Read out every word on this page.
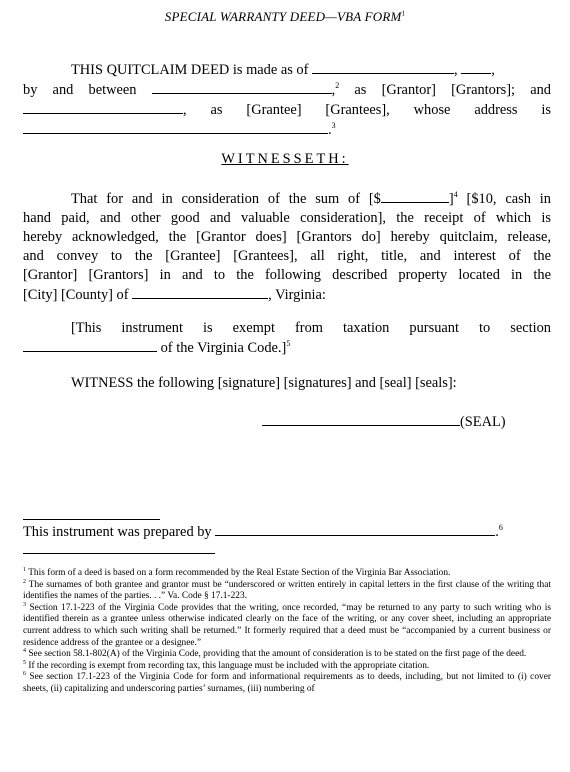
SPECIAL WARRANTY DEED—VBA FORM$^1$
THIS QUITCLAIM DEED is made as of	, ,
by and between	,$^2$ as [Grantor] [Grantors]; and
, as [Grantee] [Grantees], whose address is
.$^3$
WITNESSETH:
That for and in consideration of the sum of [$	]$^4$ [$10, cash in
hand paid, and other good and valuable consideration], the receipt of which is
hereby acknowledged, the [Grantor does] [Grantors do] hereby quitclaim, release,
and convey to the [Grantee] [Grantees], all right, title, and interest of the
[Grantor] [Grantors] in and to the following described property located in the
[City] [County] of	, Virginia:
[This instrument is exempt from taxation pursuant to section
of the Virginia Code.]$^5$
WITNESS the following [signature] [signatures] and [seal] [seals]:
(SEAL)
This instrument was prepared by	.$^6$

$^1$ This form of a deed is based on a form recommended by the Real Estate Section of the Virginia Bar Association.

$^2$ The surnames of both grantee and grantor must be “underscored or written entirely in capital letters in the first clause of the writing that identifies the names of the parties. . .” Va. Code § 17.1-223.

$^3$ Section 17.1-223 of the Virginia Code provides that the writing, once recorded, “may be returned to any party to such writing who is identified therein as a grantee unless otherwise indicated clearly on the face of the writing, or any cover sheet, including an appropriate current address to which such writing shall be returned.” It formerly required that a deed must be “accompanied by a current business or residence address of the grantee or a designee.”

$^4$ See section 58.1-802(A) of the Virginia Code, providing that the amount of consideration is to be stated on the first page of the deed.

$^5$ If the recording is exempt from recording tax, this language must be included with the appropriate citation.

$^6$ See section 17.1-223 of the Virginia Code for form and informational requirements as to deeds, including, but not limited to (i) cover sheets, (ii) capitalizing and underscoring parties’ surnames, (iii) numbering of
